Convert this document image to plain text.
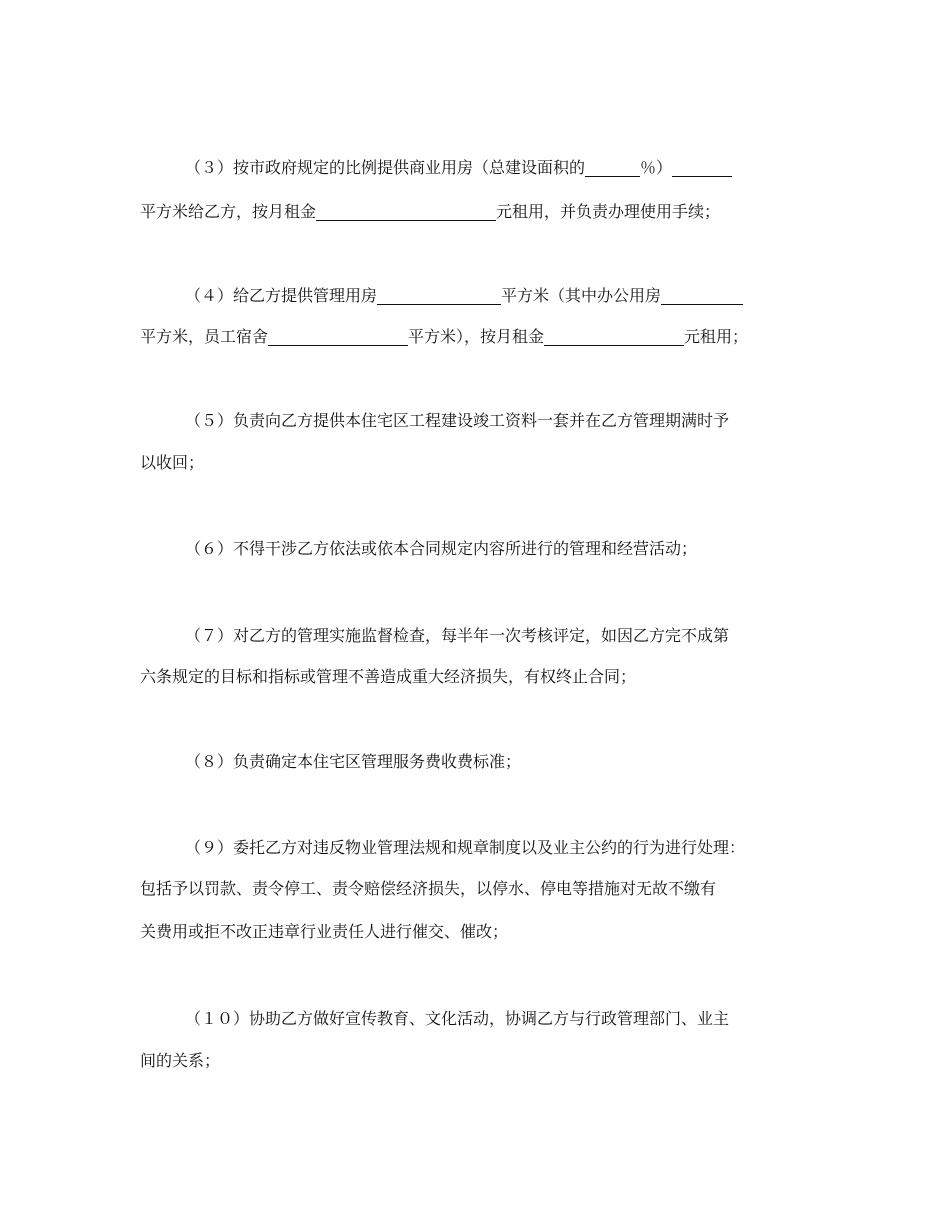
（３）按市政府规定的比例提供商业用房（总建设面积的	％）
平方米给乙方，按月租金	元租用，并负责办理使用手续；
（４）给乙方提供管理用房	平方米（其中办公用房
平方米，员工宿舍	平方米），按月租金	元租用；
（５）负责向乙方提供本住宅区工程建设竣工资料一套并在乙方管理期满时予
以收回；
（６）不得干涉乙方依法或依本合同规定内容所进行的管理和经营活动；
（７）对乙方的管理实施监督检查，每半年一次考核评定，如因乙方完不成第
六条规定的目标和指标或管理不善造成重大经济损失，有权终止合同；
（８）负责确定本住宅区管理服务费收费标准；
（９）委托乙方对违反物业管理法规和规章制度以及业主公约的行为进行处理：
包括予以罚款、责令停工、责令赔偿经济损失，以停水、停电等措施对无故不缴有
关费用或拒不改正违章行业责任人进行催交、催改；
（１０）协助乙方做好宣传教育、文化活动，协调乙方与行政管理部门、业主
间的关系；
